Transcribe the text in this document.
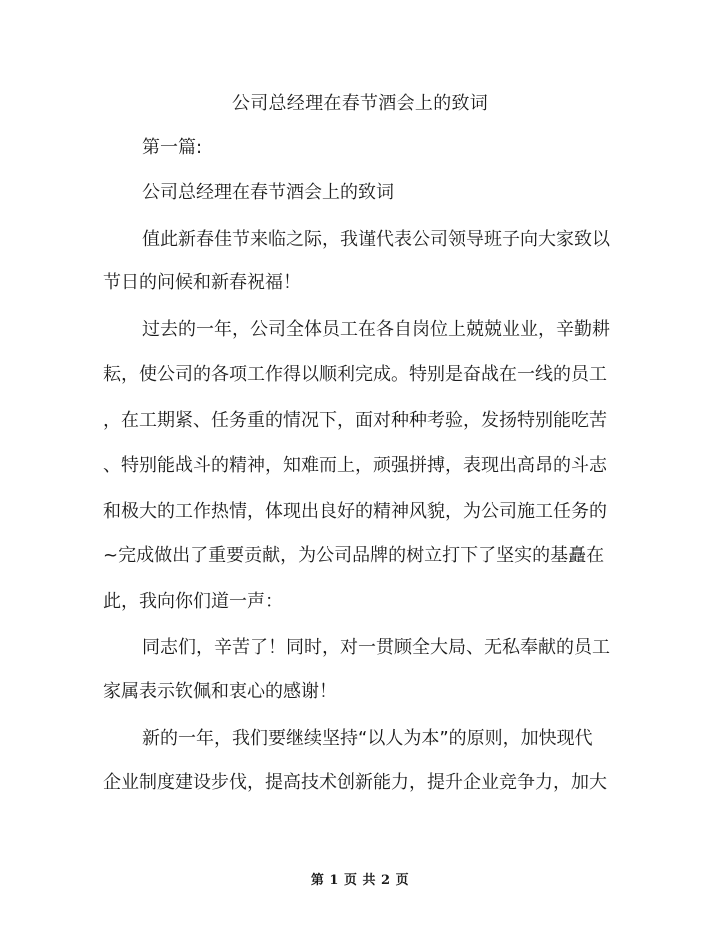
公司总经理在春节酒会上的致词
第一篇:
公司总经理在春节酒会上的致词
值此新春佳节来临之际，我谨代表公司领导班子向大家致以
节日的问候和新春祝福！
过去的一年，公司全体员工在各自岗位上兢兢业业，辛勤耕
耘，使公司的各项工作得以顺利完成。特别是奋战在一线的员工
，在工期紧、任务重的情况下，面对种种考验，发扬特别能吃苦
、特别能战斗的精神，知难而上，顽强拼搏，表现出高昂的斗志
和极大的工作热情，体现出良好的精神风貌，为公司施工任务的
~完成做出了重要贡献，为公司品牌的树立打下了坚实的基矗在
此，我向你们道一声：
同志们，辛苦了！同时，对一贯顾全大局、无私奉献的员工
家属表示钦佩和衷心的感谢！
新的一年，我们要继续坚持“以人为本”的原则，加快现代
企业制度建设步伐，提高技术创新能力，提升企业竞争力，加大
第 1 页 共 2 页
